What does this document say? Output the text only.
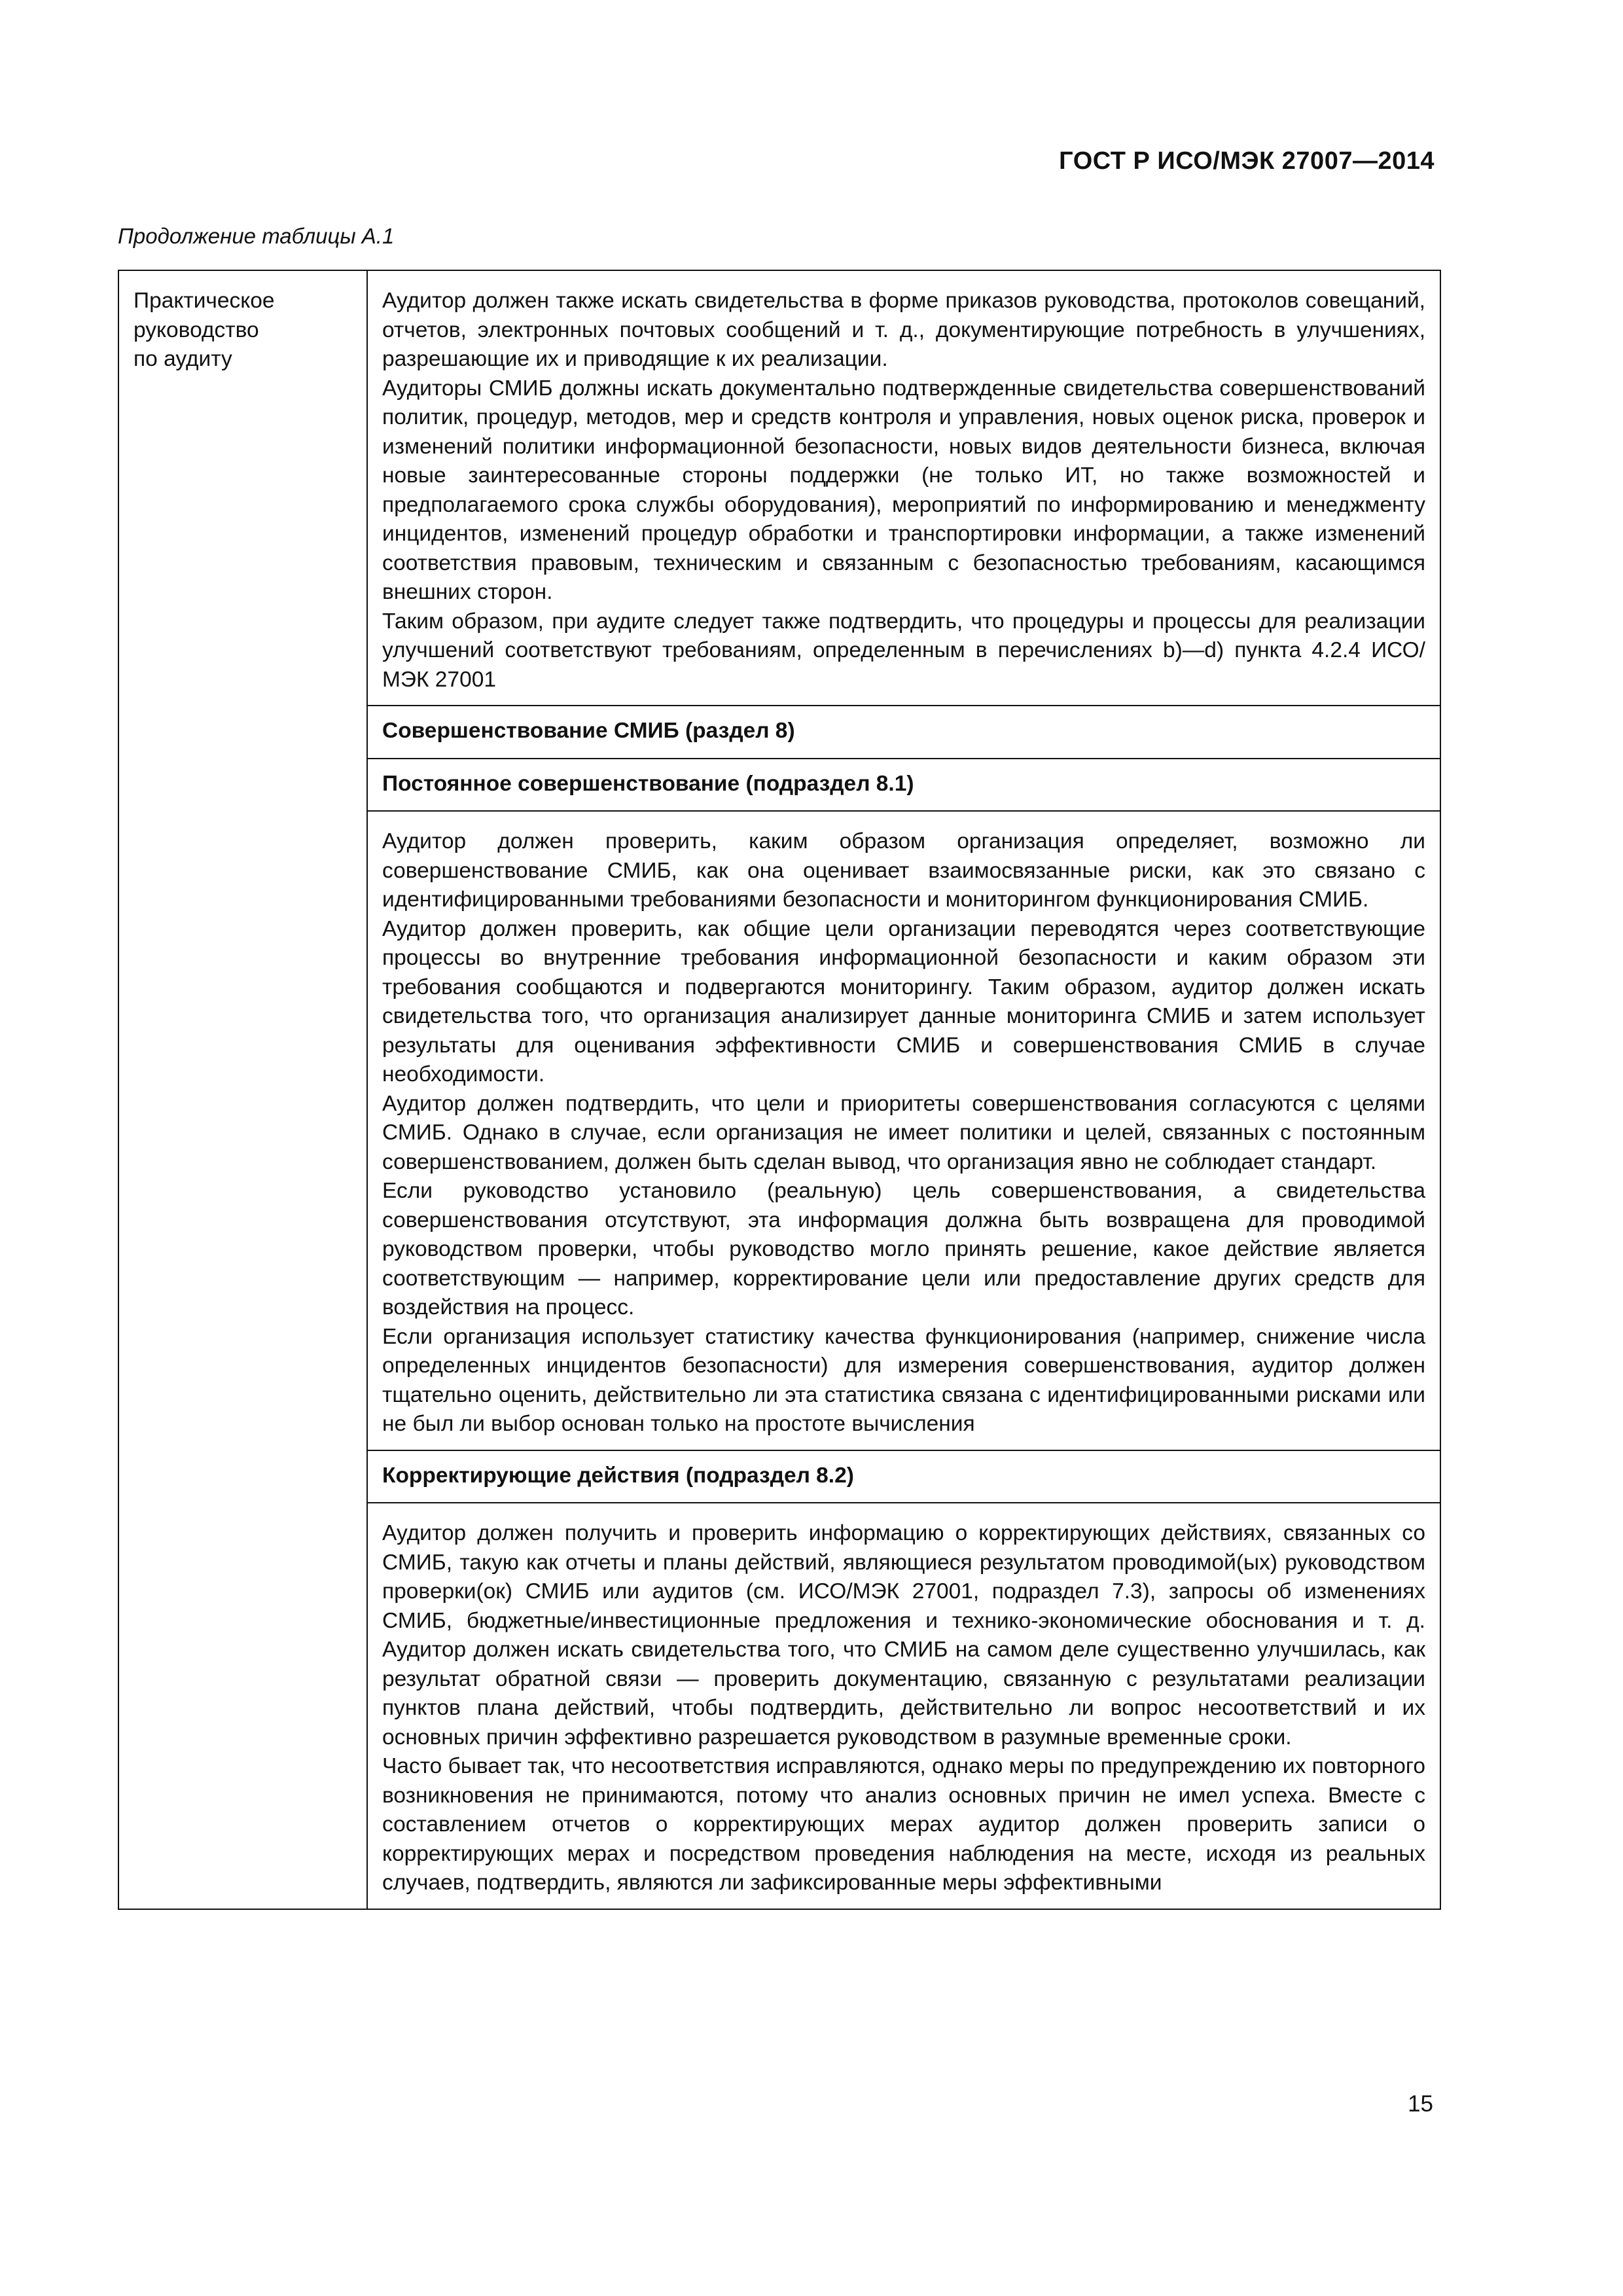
ГОСТ Р ИСО/МЭК 27007—2014
Продолжение таблицы А.1
Практическое
руководство
по аудиту

Аудитор должен также искать свидетельства в форме приказов руководства, протоколов совещаний, отчетов, электронных почтовых сообщений и т. д., документирующие потребность в улучшениях, разрешающие их и приводящие к их реализации.
Аудиторы СМИБ должны искать документально подтвержденные свидетельства совершенствований политик, процедур, методов, мер и средств контроля и управления, новых оценок риска, проверок и изменений политики информационной безопасности, новых видов деятельности бизнеса, включая новые заинтересованные стороны поддержки (не только ИТ, но также возможностей и предполагаемого срока службы оборудования), мероприятий по информированию и менеджменту инцидентов, изменений процедур обработки и транспортировки информации, а также изменений соответствия правовым, техническим и связанным с безопасностью требованиям, касающимся внешних сторон.
Таким образом, при аудите следует также подтвердить, что процедуры и процессы для реализации улучшений соответствуют требованиям, определенным в перечислениях b)—d) пункта 4.2.4 ИСО/МЭК 27001

Совершенствование СМИБ (раздел 8)
Постоянное совершенствование (подраздел 8.1)

Аудитор должен проверить, каким образом организация определяет, возможно ли совершенствование СМИБ, как она оценивает взаимосвязанные риски, как это связано с идентифицированными требованиями безопасности и мониторингом функционирования СМИБ.
Аудитор должен проверить, как общие цели организации переводятся через соответствующие процессы во внутренние требования информационной безопасности и каким образом эти требования сообщаются и подвергаются мониторингу. Таким образом, аудитор должен искать свидетельства того, что организация анализирует данные мониторинга СМИБ и затем использует результаты для оценивания эффективности СМИБ и совершенствования СМИБ в случае необходимости.
Аудитор должен подтвердить, что цели и приоритеты совершенствования согласуются с целями СМИБ. Однако в случае, если организация не имеет политики и целей, связанных с постоянным совершенствованием, должен быть сделан вывод, что организация явно не соблюдает стандарт.
Если руководство установило (реальную) цель совершенствования, а свидетельства совершенствования отсутствуют, эта информация должна быть возвращена для проводимой руководством проверки, чтобы руководство могло принять решение, какое действие является соответствующим — например, корректирование цели или предоставление других средств для воздействия на процесс.
Если организация использует статистику качества функционирования (например, снижение числа определенных инцидентов безопасности) для измерения совершенствования, аудитор должен тщательно оценить, действительно ли эта статистика связана с идентифицированными рисками или не был ли выбор основан только на простоте вычисления

Корректирующие действия (подраздел 8.2)

Аудитор должен получить и проверить информацию о корректирующих действиях, связанных со СМИБ, такую как отчеты и планы действий, являющиеся результатом проводимой(ых) руководством проверки(ок) СМИБ или аудитов (см. ИСО/МЭК 27001, подраздел 7.3), запросы об изменениях СМИБ, бюджетные/инвестиционные предложения и технико-экономические обоснования и т. д. Аудитор должен искать свидетельства того, что СМИБ на самом деле существенно улучшилась, как результат обратной связи — проверить документацию, связанную с результатами реализации пунктов плана действий, чтобы подтвердить, действительно ли вопрос несоответствий и их основных причин эффективно разрешается руководством в разумные временные сроки.
Часто бывает так, что несоответствия исправляются, однако меры по предупреждению их повторного возникновения не принимаются, потому что анализ основных причин не имел успеха. Вместе с составлением отчетов о корректирующих мерах аудитор должен проверить записи о корректирующих мерах и посредством проведения наблюдения на месте, исходя из реальных случаев, подтвердить, являются ли зафиксированные меры эффективными
15
